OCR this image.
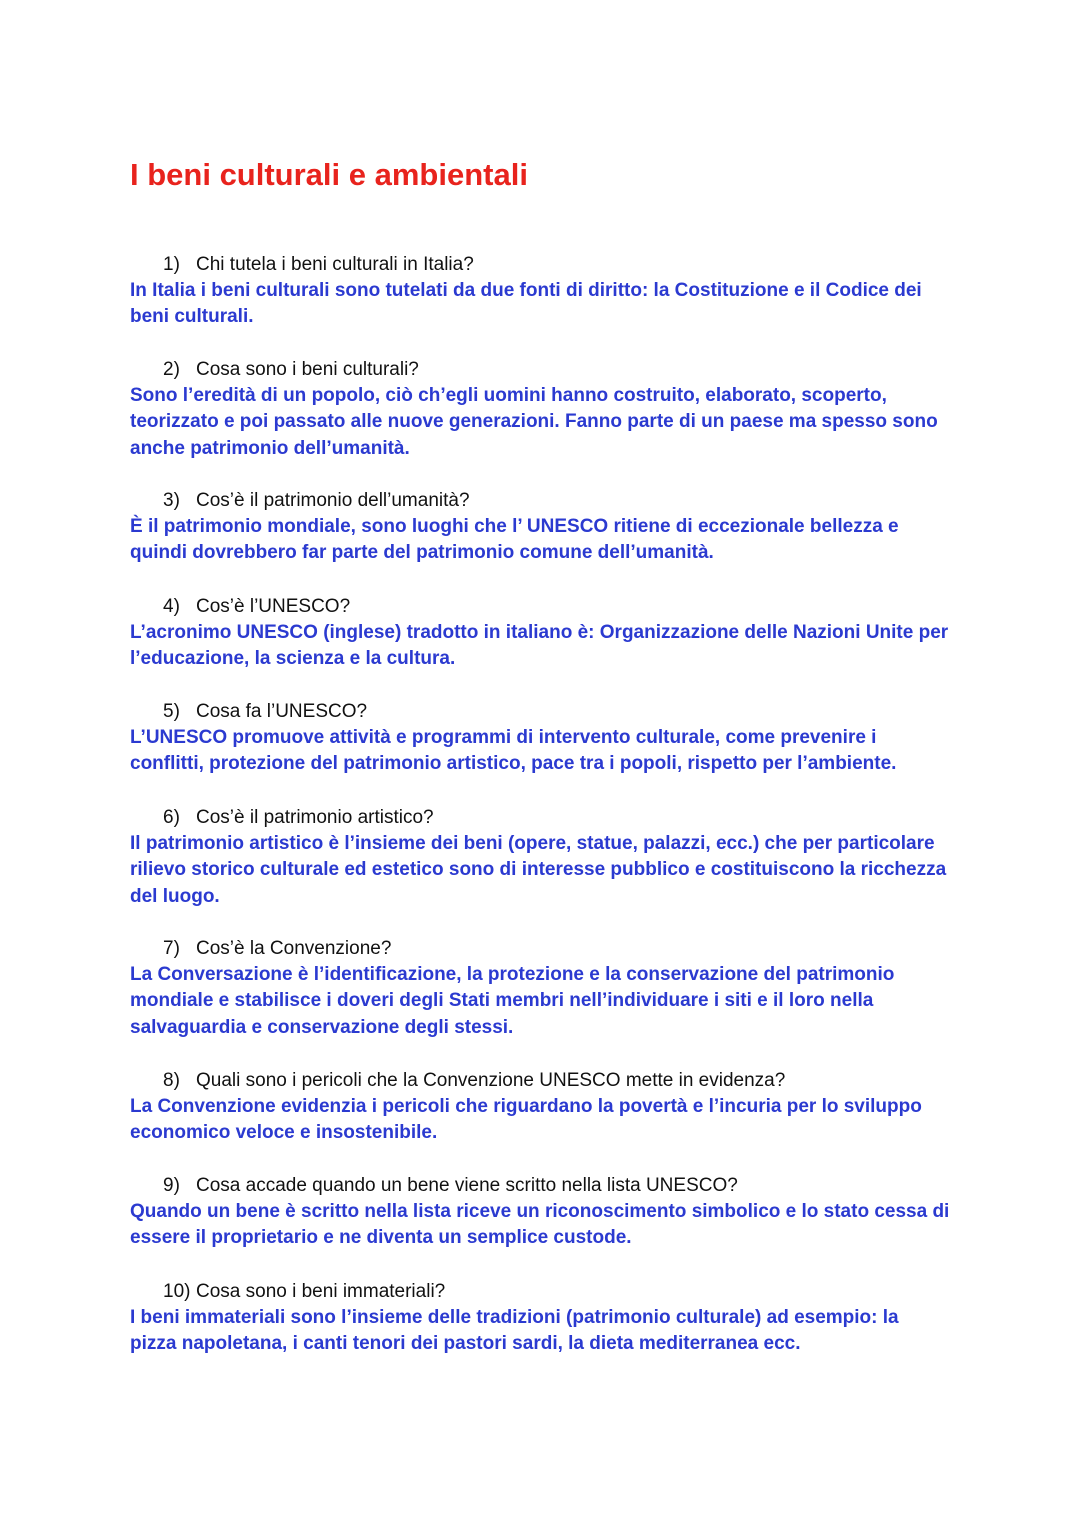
I beni culturali e ambientali

1) Chi tutela i beni culturali in Italia?

In Italia i beni culturali sono tutelati da due fonti di diritto: la Costituzione e il Codice dei beni culturali.

2) Cosa sono i beni culturali?

Sono l’eredità di un popolo, ciò ch’egli uomini hanno costruito, elaborato, scoperto, teorizzato e poi passato alle nuove generazioni. Fanno parte di un paese ma spesso sono anche patrimonio dell’umanità.

3) Cos’è il patrimonio dell’umanità?

È il patrimonio mondiale, sono luoghi che l’ UNESCO ritiene di eccezionale bellezza e quindi dovrebbero far parte del patrimonio comune dell’umanità.

4) Cos’è l’UNESCO?

L’acronimo UNESCO (inglese) tradotto in italiano è: Organizzazione delle Nazioni Unite per l’educazione, la scienza e la cultura.

5) Cosa fa l’UNESCO?

L’UNESCO promuove attività e programmi di intervento culturale, come prevenire i conflitti, protezione del patrimonio artistico, pace tra i popoli, rispetto per l’ambiente.

6) Cos’è il patrimonio artistico?

Il patrimonio artistico è l’insieme dei beni (opere, statue, palazzi, ecc.) che per particolare rilievo storico culturale ed estetico sono di interesse pubblico e costituiscono la ricchezza del luogo.

7) Cos’è la Convenzione?

La Conversazione è l’identificazione, la protezione e la conservazione del patrimonio mondiale e stabilisce i doveri degli Stati membri nell’individuare i siti e il loro nella salvaguardia e conservazione degli stessi.

8) Quali sono i pericoli che la Convenzione UNESCO mette in evidenza?

La Convenzione evidenzia i pericoli che riguardano la povertà e l’incuria per lo sviluppo economico veloce e insostenibile.

9) Cosa accade quando un bene viene scritto nella lista UNESCO?

Quando un bene è scritto nella lista riceve un riconoscimento simbolico e lo stato cessa di essere il proprietario e ne diventa un semplice custode.

10) Cosa sono i beni immateriali?

I beni immateriali sono l’insieme delle tradizioni (patrimonio culturale) ad esempio: la pizza napoletana, i canti tenori dei pastori sardi, la dieta mediterranea ecc.
